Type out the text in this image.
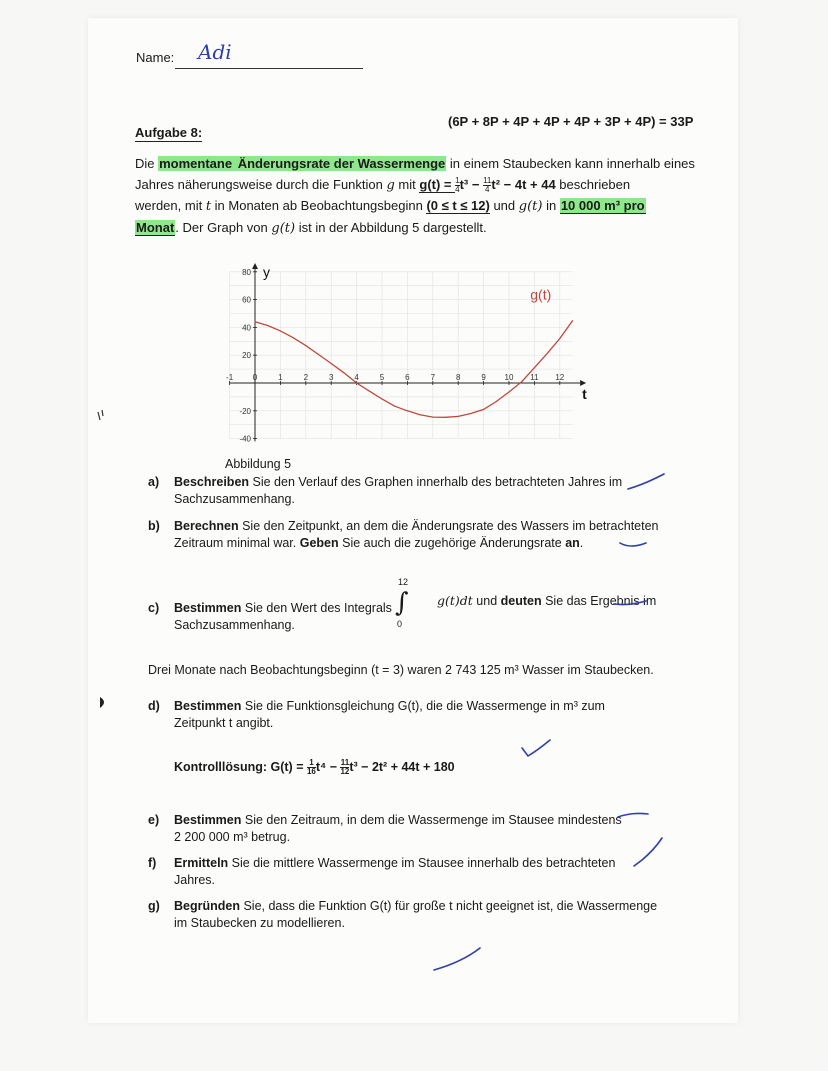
Name: Adi
Aufgabe 8:
(6P + 8P + 4P + 4P + 4P + 3P + 4P) = 33P
Die momentane Änderungsrate der Wassermenge in einem Staubecken kann innerhalb eines
Jahres näherungsweise durch die Funktion g mit $g(t) = \frac{1}{4} t^3 - \frac{11}{4} t^2 - 4t + 44$ beschrieben
werden, mit t in Monaten ab Beobachtungsbeginn (0 ≤ t ≤ 12) und g(t) in 10 000 m³ pro
Monat. Der Graph von g(t) ist in der Abbildung 5 dargestellt.
-1 0	1	2	3	4	5	6	7	8	9 10 11 12
80
60
40
20
-20
-40
y
t
g(t)
Abbildung 5
a) Beschreiben Sie den Verlauf des Graphen innerhalb des betrachteten Jahres im
Sachzusammenhang.
b) Berechnen Sie den Zeitpunkt, an dem die Änderungsrate des Wassers im betrachteten
Zeitraum minimal war. Geben Sie auch die zugehörige Änderungsrate an.
c) Bestimmen Sie den Wert des Integrals
Sachzusammenhang.
12
∫
0
g(t)dt und deuten Sie das Ergebnis im
Drei Monate nach Beobachtungsbeginn (t = 3) waren 2 743 125 m³ Wasser im Staubecken.
d) Bestimmen Sie die Funktionsgleichung G(t), die die Wassermenge in m³ zum
Zeitpunkt t angibt.
Kontrolllösung: $G(t) = \frac{1}{16} t^4 - \frac{11}{12} t^3 - 2t^2 + 44t + 180$
e) Bestimmen Sie den Zeitraum, in dem die Wassermenge im Stausee mindestens
2 200 000 m³ betrug.
f) Ermitteln Sie die mittlere Wassermenge im Stausee innerhalb des betrachteten
Jahres.
g) Begründen Sie, dass die Funktion G(t) für große t nicht geeignet ist, die Wassermenge
im Staubecken zu modellieren.
